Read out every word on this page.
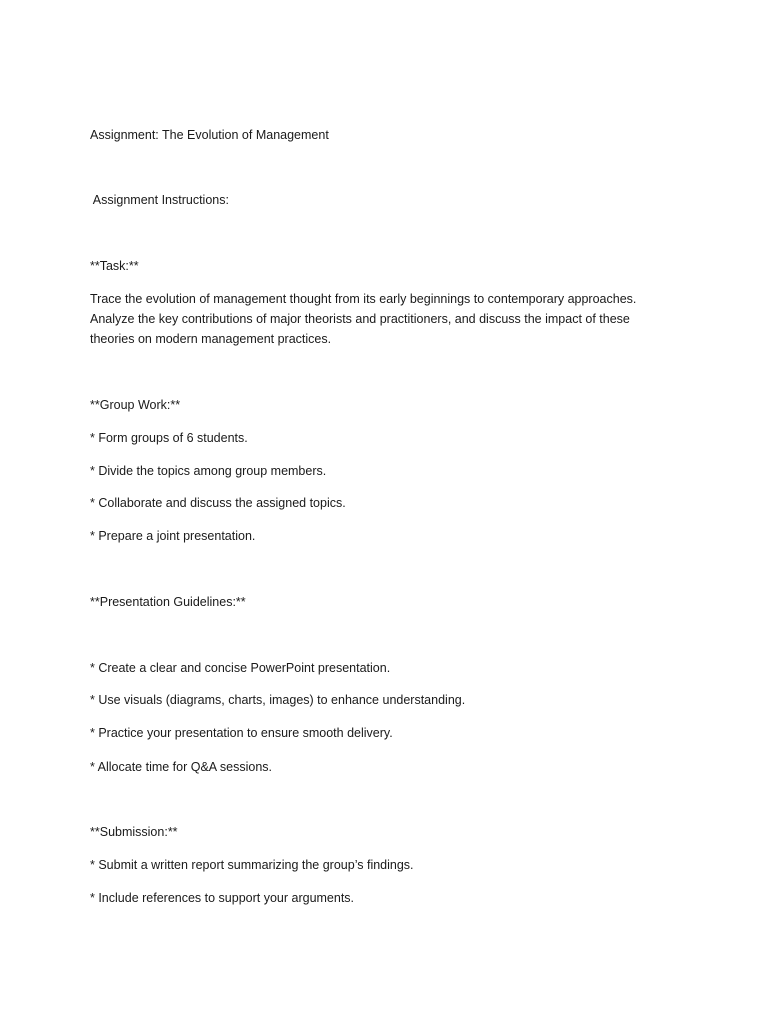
Assignment: The Evolution of Management
Assignment Instructions:
**Task:**
Trace the evolution of management thought from its early beginnings to contemporary approaches.
Analyze the key contributions of major theorists and practitioners, and discuss the impact of these
theories on modern management practices.
**Group Work:**
* Form groups of 6 students.
* Divide the topics among group members.
* Collaborate and discuss the assigned topics.
* Prepare a joint presentation.
**Presentation Guidelines:**
* Create a clear and concise PowerPoint presentation.
* Use visuals (diagrams, charts, images) to enhance understanding.
* Practice your presentation to ensure smooth delivery.
* Allocate time for Q&A sessions.
**Submission:**
* Submit a written report summarizing the group’s findings.
* Include references to support your arguments.
